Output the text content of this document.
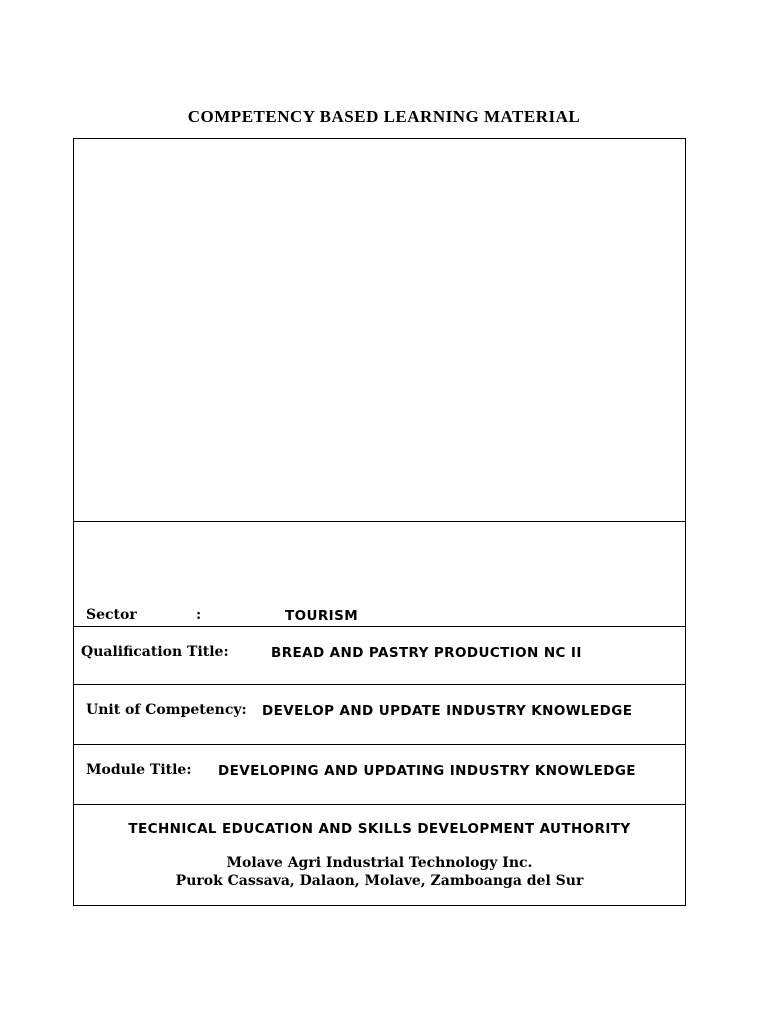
COMPETENCY BASED LEARNING MATERIAL
Sector	:	TOURISM
Qualification Title:	BREAD AND PASTRY PRODUCTION NC II
Unit of Competency: DEVELOP AND UPDATE INDUSTRY KNOWLEDGE
Module Title: DEVELOPING AND UPDATING INDUSTRY KNOWLEDGE
TECHNICAL EDUCATION AND SKILLS DEVELOPMENT AUTHORITY
Molave Agri Industrial Technology Inc.
Purok Cassava, Dalaon, Molave, Zamboanga del Sur
